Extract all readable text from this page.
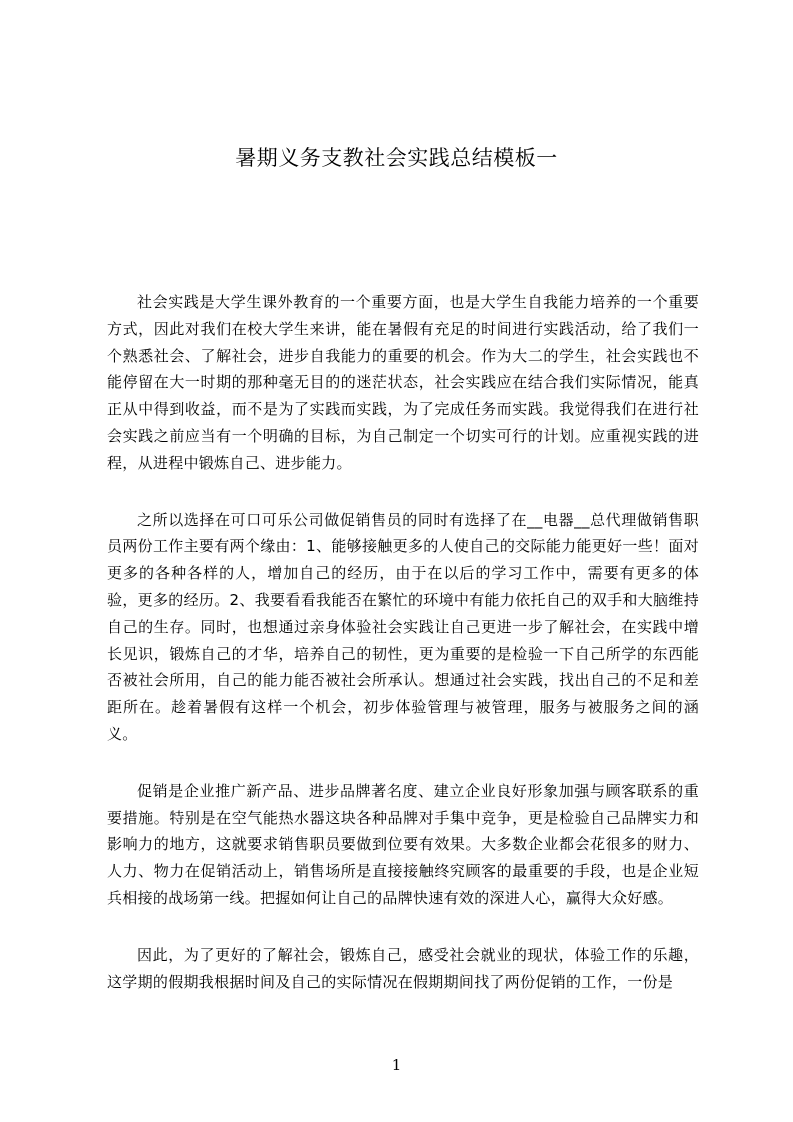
暑期义务支教社会实践总结模板一

社会实践是大学生课外教育的一个重要方面，也是大学生自我能力培养的一个重要方式，因此对我们在校大学生来讲，能在暑假有充足的时间进行实践活动，给了我们一个熟悉社会、了解社会，进步自我能力的重要的机会。作为大二的学生，社会实践也不能停留在大一时期的那种毫无目的的迷茫状态，社会实践应在结合我们实际情况，能真正从中得到收益，而不是为了实践而实践，为了完成任务而实践。我觉得我们在进行社会实践之前应当有一个明确的目标，为自己制定一个切实可行的计划。应重视实践的进程，从进程中锻炼自己、进步能力。

之所以选择在可口可乐公司做促销售员的同时有选择了在__电器__总代理做销售职员两份工作主要有两个缘由：1、能够接触更多的人使自己的交际能力能更好一些！面对更多的各种各样的人，增加自己的经历，由于在以后的学习工作中，需要有更多的体验，更多的经历。2、我要看看我能否在繁忙的环境中有能力依托自己的双手和大脑维持自己的生存。同时，也想通过亲身体验社会实践让自己更进一步了解社会，在实践中增长见识，锻炼自己的才华，培养自己的韧性，更为重要的是检验一下自己所学的东西能否被社会所用，自己的能力能否被社会所承认。想通过社会实践，找出自己的不足和差距所在。趁着暑假有这样一个机会，初步体验管理与被管理，服务与被服务之间的涵义。

促销是企业推广新产品、进步品牌著名度、建立企业良好形象加强与顾客联系的重要措施。特别是在空气能热水器这块各种品牌对手集中竞争，更是检验自己品牌实力和影响力的地方，这就要求销售职员要做到位要有效果。大多数企业都会花很多的财力、人力、物力在促销活动上，销售场所是直接接触终究顾客的最重要的手段，也是企业短兵相接的战场第一线。把握如何让自己的品牌快速有效的深进人心，赢得大众好感。

因此，为了更好的了解社会，锻炼自己，感受社会就业的现状，体验工作的乐趣，这学期的假期我根据时间及自己的实际情况在假期期间找了两份促销的工作，一份是

1
